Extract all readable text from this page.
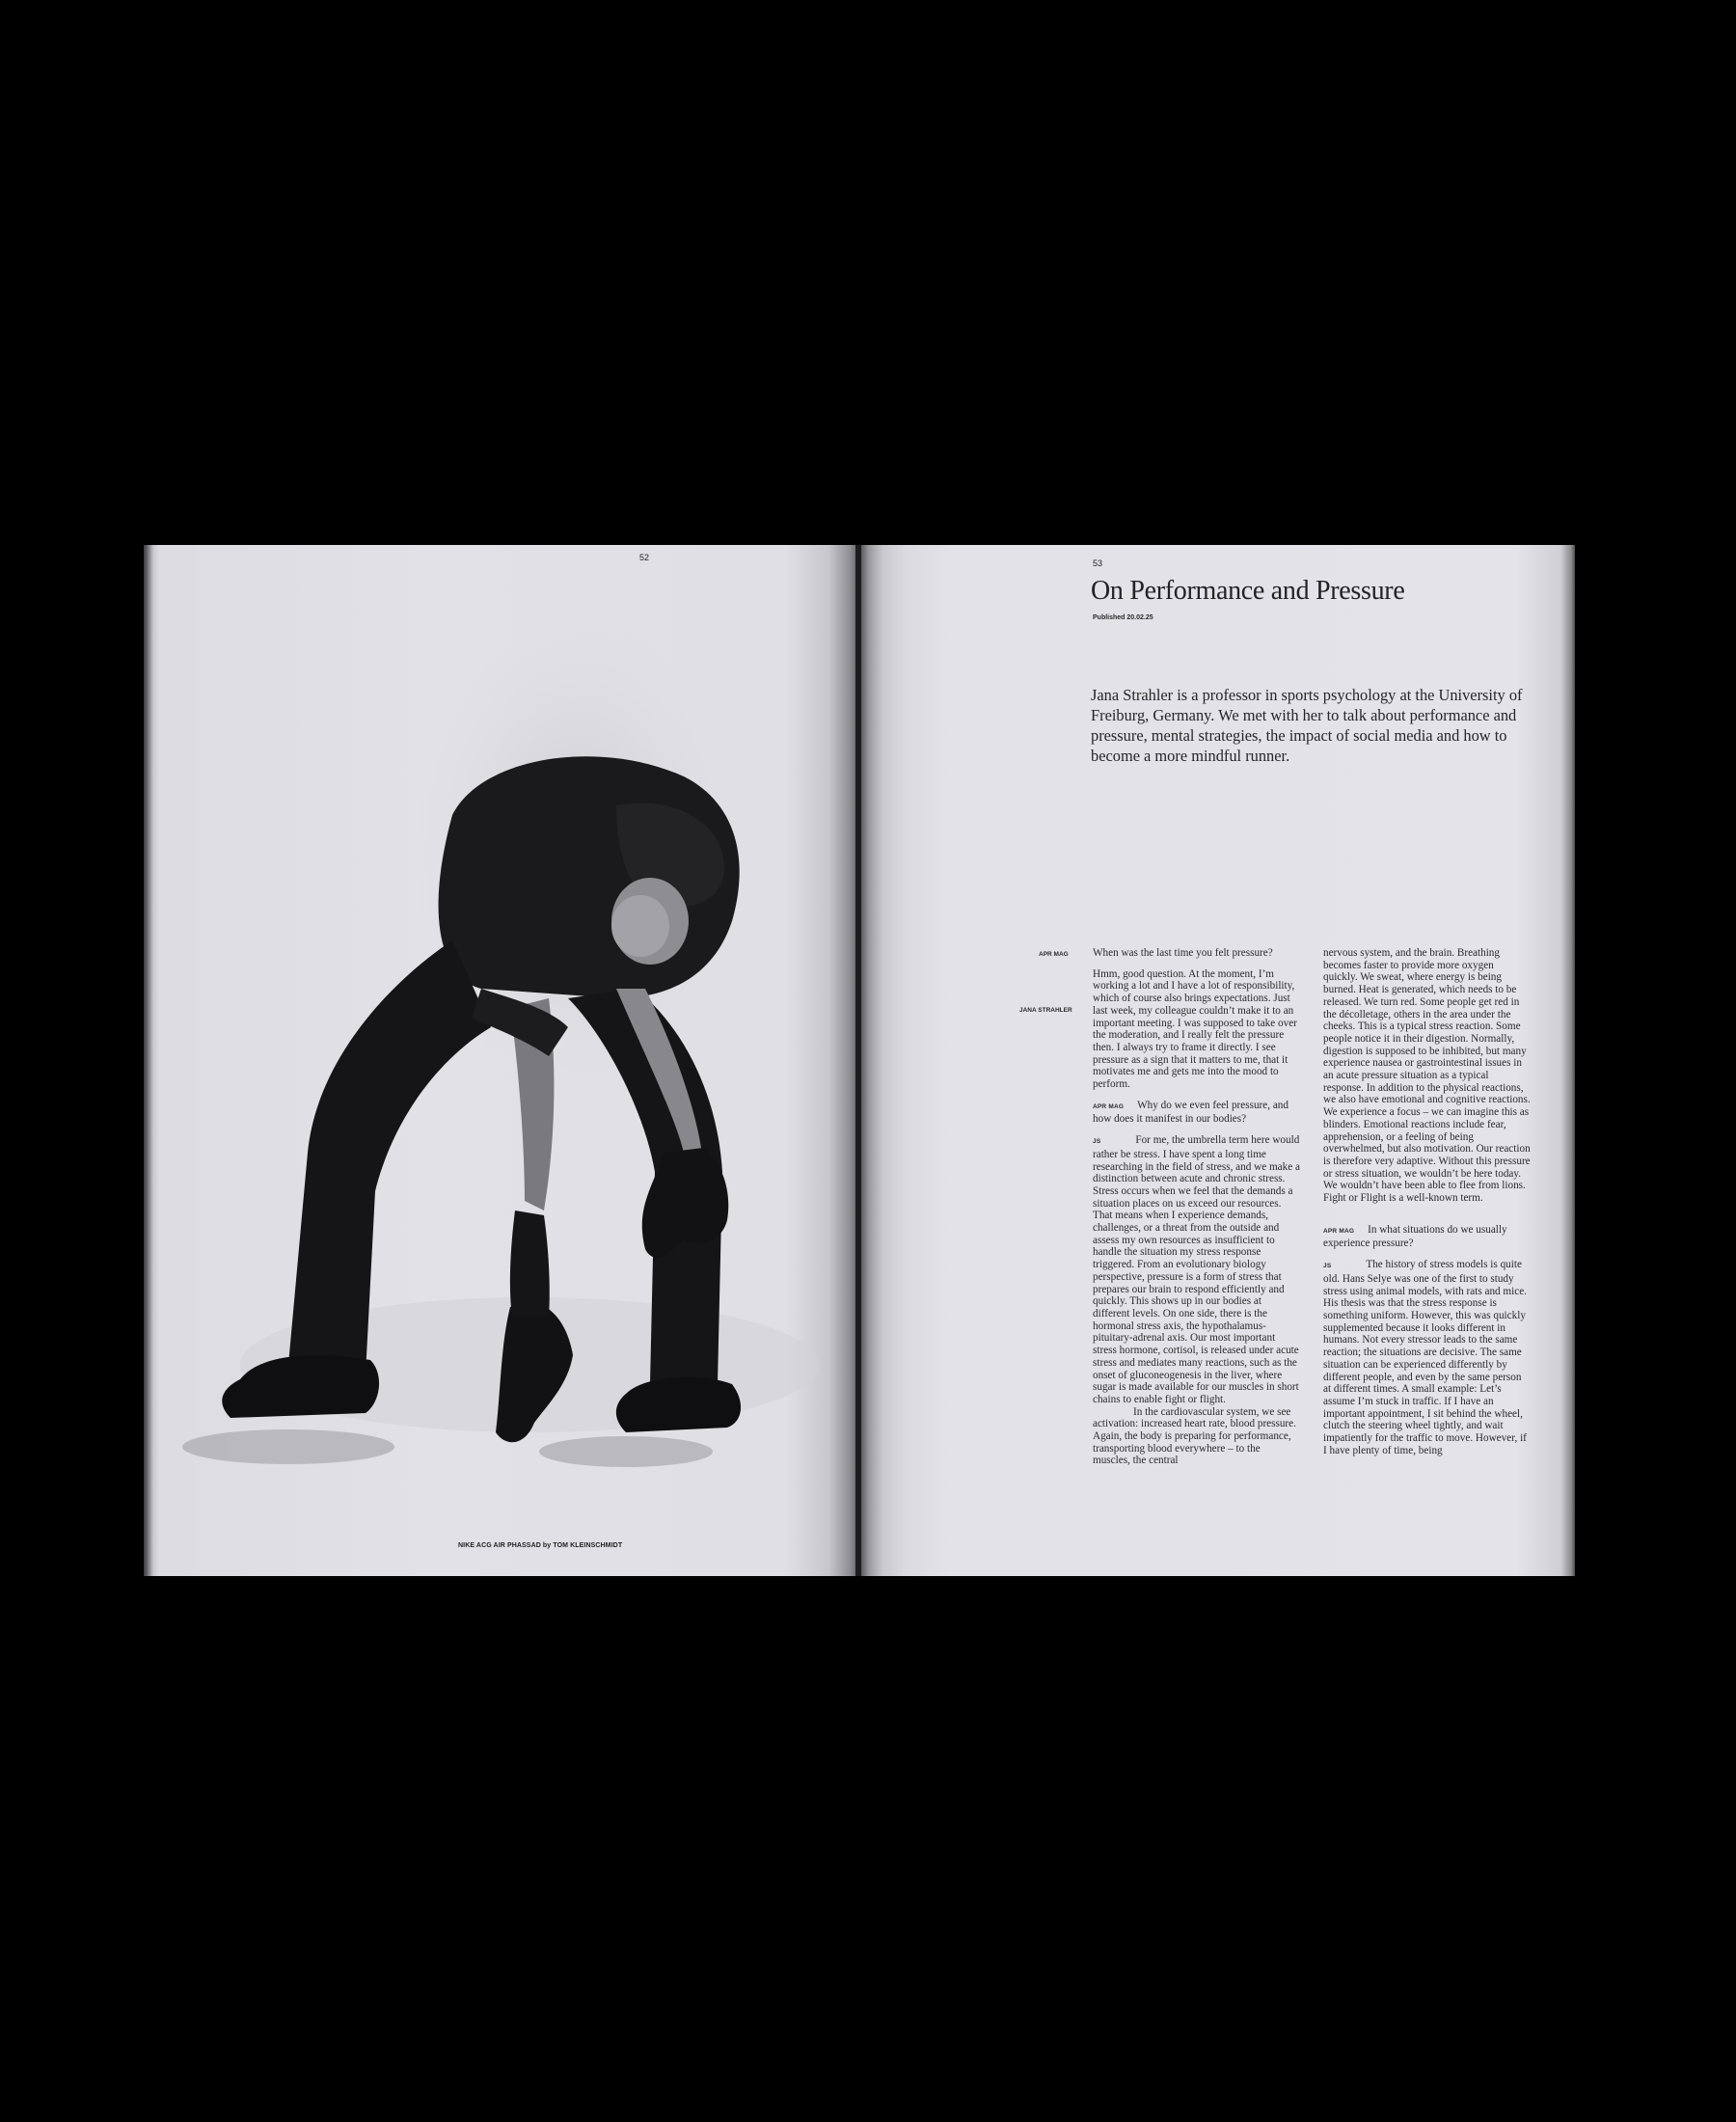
52
NIKE ACG AIR PHASSAD by TOM KLEINSCHMIDT
53
On Performance and Pressure
Published 20.02.25
Jana Strahler is a professor in sports psychology at the University of Freiburg, Germany. We met with her to talk about performance and pressure, mental strategies, the impact of social media and how to become a more mindful runner.
APR MAG
JANA STRAHLER

When was the last time you felt pressure?

Hmm, good question. At the moment, I’m working a lot and I have a lot of responsibility, which of course also brings expectations. Just last week, my colleague couldn’t make it to an important meeting. I was supposed to take over the moderation, and I really felt the pressure then. I always try to frame it directly. I see pressure as a sign that it matters to me, that it motivates me and gets me into the mood to perform.

APR MAG Why do we even feel pressure, and how does it manifest in our bodies?

JS	For me, the umbrella term here would rather be stress. I have spent a long time researching in the field of stress, and we make a distinction between acute and chronic stress. Stress occurs when we feel that the demands a situation places on us exceed our resources. That means when I experience demands, challenges, or a threat from the outside and assess my own resources as insufficient to handle the situation my stress response triggered. From an evolutionary biology perspective, pressure is a form of stress that prepares our brain to respond efficiently and quickly. This shows up in our bodies at different levels. On one side, there is the hormonal stress axis, the hypothalamus-pituitary-adrenal axis. Our most important stress hormone, cortisol, is released under acute stress and mediates many reactions, such as the onset of gluconeogenesis in the liver, where sugar is made available for our muscles in short chains to enable fight or flight.

In the cardiovascular system, we see activation: increased heart rate, blood pressure. Again, the body is preparing for performance, transporting blood everywhere – to the muscles, the central

nervous system, and the brain. Breathing becomes faster to provide more oxygen quickly. We sweat, where energy is being burned. Heat is generated, which needs to be released. We turn red. Some people get red in the décolletage, others in the area under the cheeks. This is a typical stress reaction. Some people notice it in their digestion. Normally, digestion is supposed to be inhibited, but many experience nausea or gastrointestinal issues in an acute pressure situation as a typical response. In addition to the physical reactions, we also have emotional and cognitive reactions. We experience a focus – we can imagine this as blinders. Emotional reactions include fear, apprehension, or a feeling of being overwhelmed, but also motivation. Our reaction is therefore very adaptive. Without this pressure or stress situation, we wouldn’t be here today. We wouldn’t have been able to flee from lions. Fight or Flight is a well-known term.

APR MAG In what situations do we usually experience pressure?

JS	The history of stress models is quite old. Hans Selye was one of the first to study stress using animal models, with rats and mice. His thesis was that the stress response is something uniform. However, this was quickly supplemented because it looks different in humans. Not every stressor leads to the same reaction; the situations are decisive. The same situation can be experienced differently by different people, and even by the same person at different times. A small example: Let’s assume I’m stuck in traffic. If I have an important appointment, I sit behind the wheel, clutch the steering wheel tightly, and wait impatiently for the traffic to move. However, if I have plenty of time, being
